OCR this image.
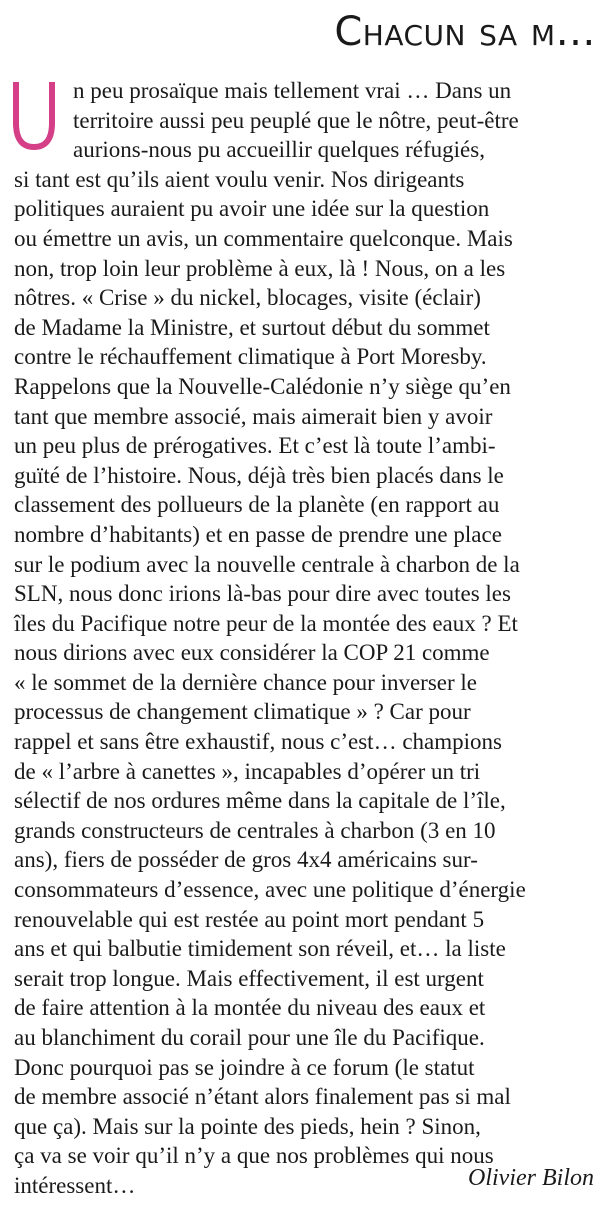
Chacun sa m…
n peu prosaïque mais tellement vrai … Dans un
territoire aussi peu peuplé que le nôtre, peut-être
aurions-nous pu accueillir quelques réfugiés,
si tant est qu’ils aient voulu venir. Nos dirigeants
politiques auraient pu avoir une idée sur la question
ou émettre un avis, un commentaire quelconque. Mais
non, trop loin leur problème à eux, là ! Nous, on a les
nôtres. « Crise » du nickel, blocages, visite (éclair)
de Madame la Ministre, et surtout début du sommet
contre le réchauffement climatique à Port Moresby.
Rappelons que la Nouvelle-Calédonie n’y siège qu’en
tant que membre associé, mais aimerait bien y avoir
un peu plus de prérogatives. Et c’est là toute l’ambi-
guïté de l’histoire. Nous, déjà très bien placés dans le
classement des pollueurs de la planète (en rapport au
nombre d’habitants) et en passe de prendre une place
sur le podium avec la nouvelle centrale à charbon de la
SLN, nous donc irions là-bas pour dire avec toutes les
îles du Pacifique notre peur de la montée des eaux ? Et
nous dirions avec eux considérer la COP 21 comme
« le sommet de la dernière chance pour inverser le
processus de changement climatique » ? Car pour
rappel et sans être exhaustif, nous c’est… champions
de « l’arbre à canettes », incapables d’opérer un tri
sélectif de nos ordures même dans la capitale de l’île,
grands constructeurs de centrales à charbon (3 en 10
ans), fiers de posséder de gros 4x4 américains sur-
consommateurs d’essence, avec une politique d’énergie
renouvelable qui est restée au point mort pendant 5
ans et qui balbutie timidement son réveil, et… la liste
serait trop longue. Mais effectivement, il est urgent
de faire attention à la montée du niveau des eaux et
au blanchiment du corail pour une île du Pacifique.
Donc pourquoi pas se joindre à ce forum (le statut
de membre associé n’étant alors finalement pas si mal
que ça). Mais sur la pointe des pieds, hein ? Sinon,
ça va se voir qu’il n’y a que nos problèmes qui nous
intéressent…	Olivier Bilon
